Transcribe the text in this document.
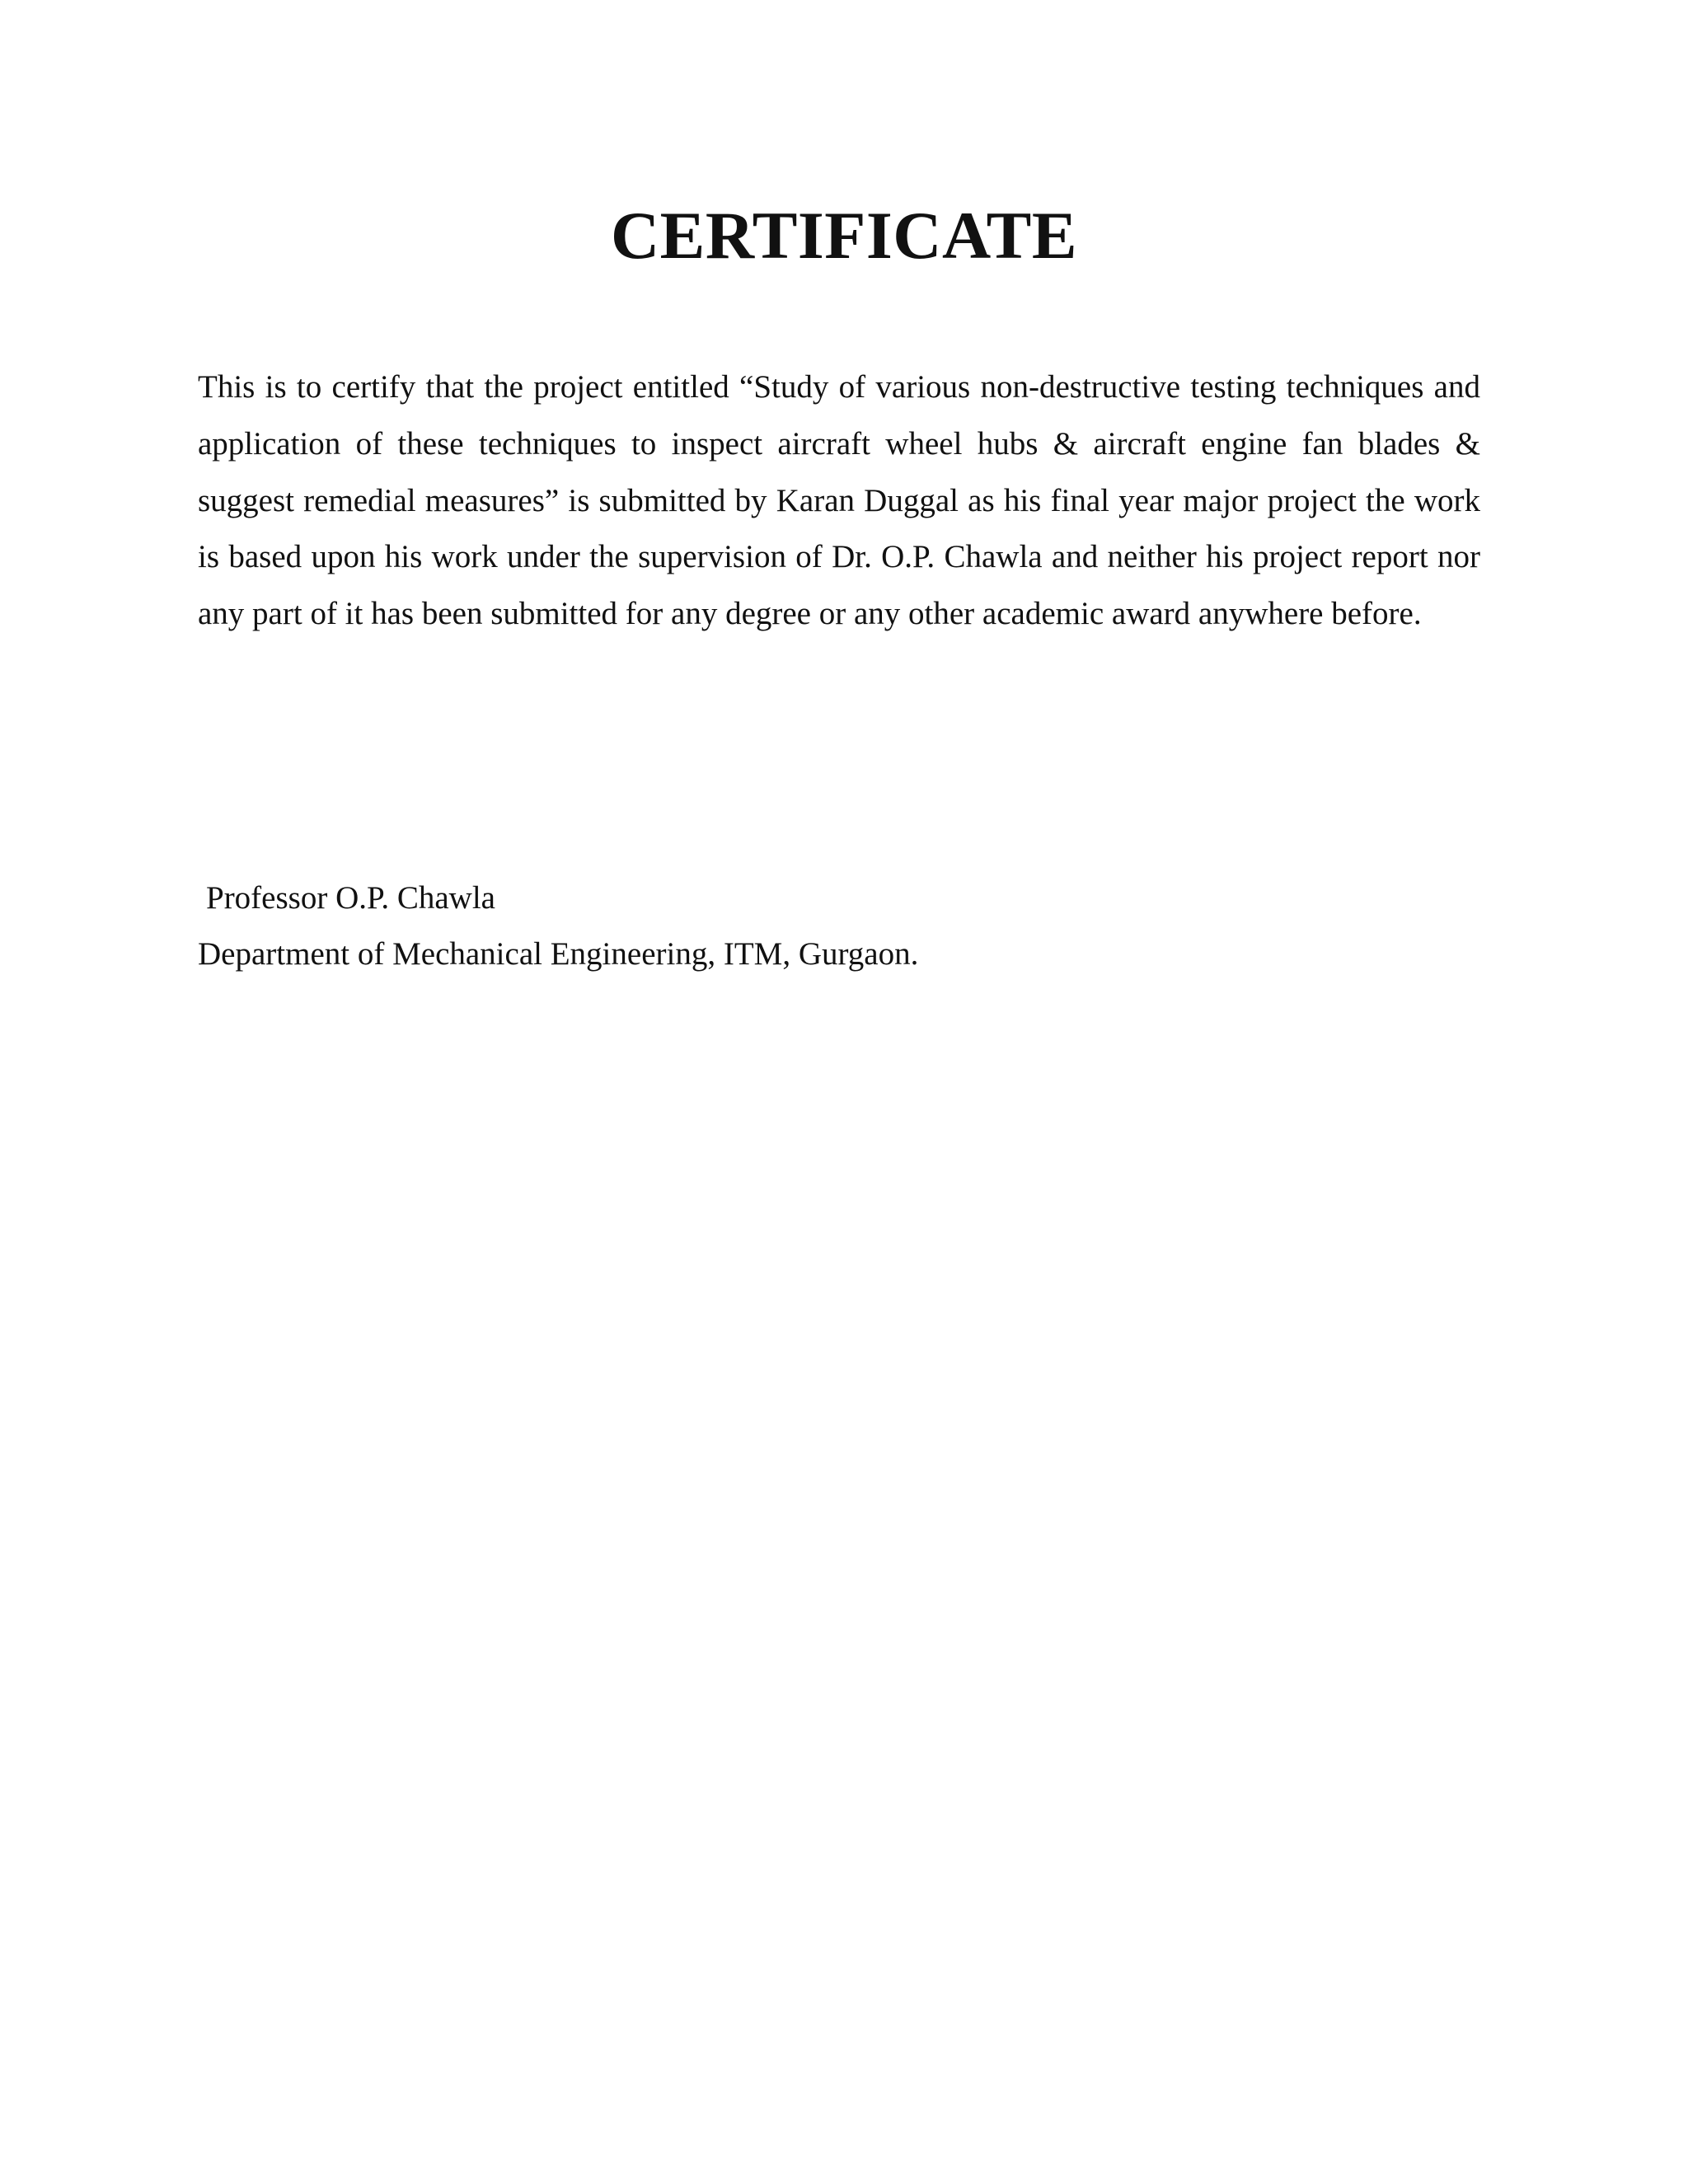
CERTIFICATE

This is to certify that the project entitled “Study of various non-destructive testing techniques and application of these techniques to inspect aircraft wheel hubs & aircraft engine fan blades & suggest remedial measures” is submitted by Karan Duggal as his final year major project the work is based upon his work under the supervision of Dr. O.P. Chawla and neither his project report nor any part of it has been submitted for any degree or any other academic award anywhere before.

Professor O.P. Chawla
Department of Mechanical Engineering, ITM, Gurgaon.
